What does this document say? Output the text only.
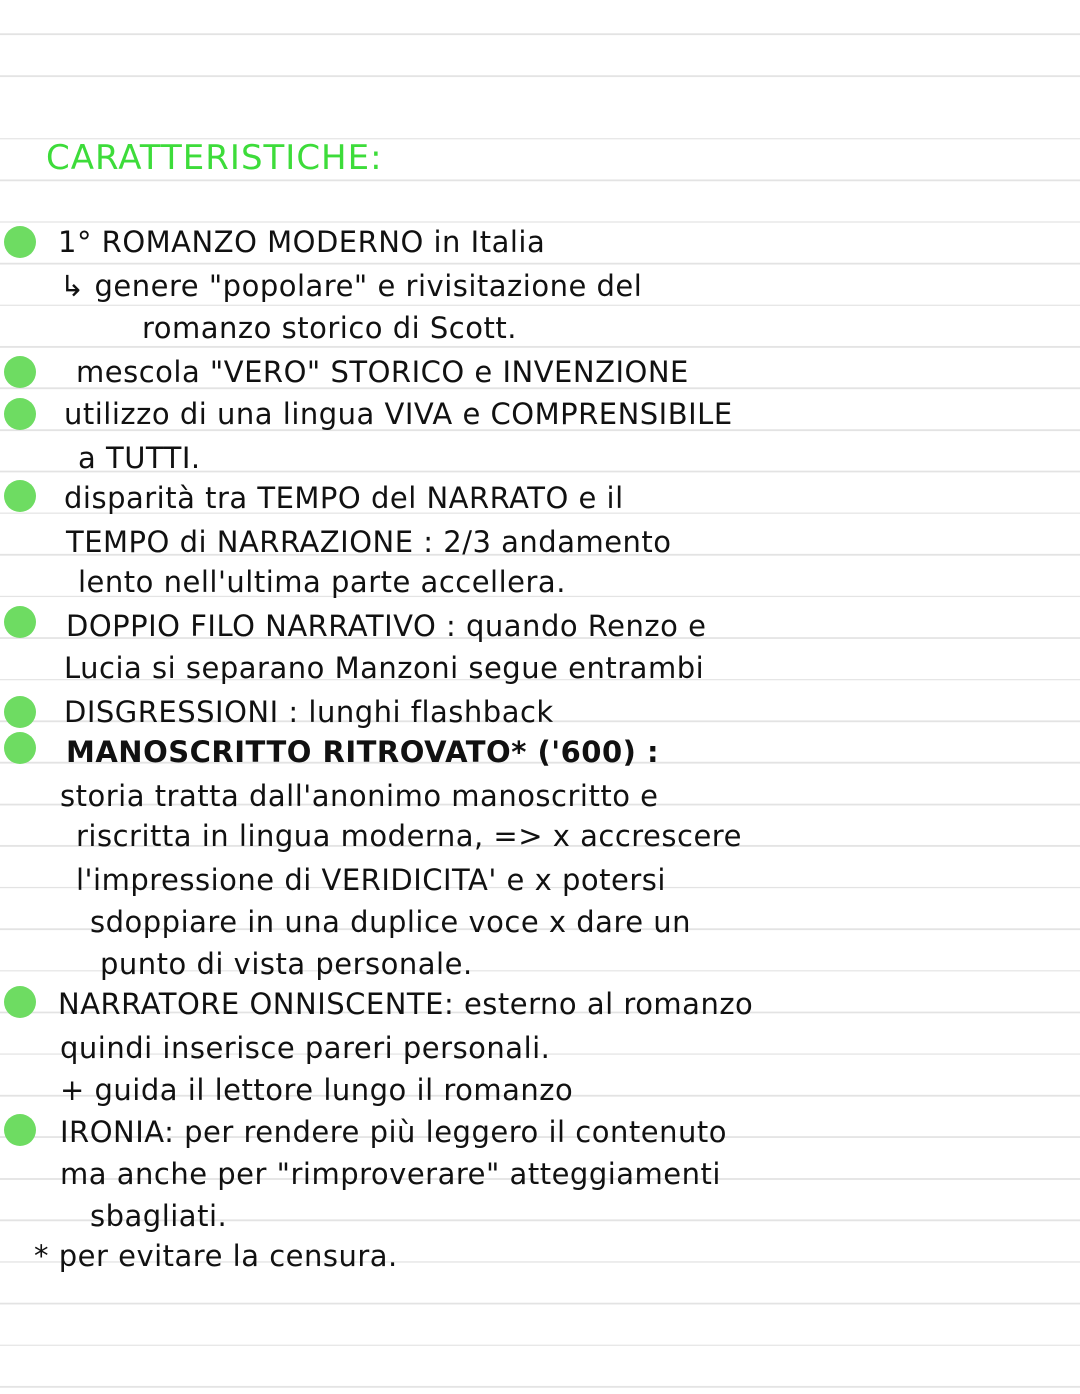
CARATTERISTICHE:
1° ROMANZO MODERNO in Italia
↳ genere "popolare" e rivisitazione del
romanzo storico di Scott.
mescola "VERO" STORICO e INVENZIONE
utilizzo di una lingua VIVA e COMPRENSIBILE
a TUTTI.
disparità tra TEMPO del NARRATO e il
TEMPO di NARRAZIONE : 2/3 andamento
lento nell'ultima parte accellera.
DOPPIO FILO NARRATIVO : quando Renzo e
Lucia si separano Manzoni segue entrambi
DISGRESSIONI : lunghi flashback
MANOSCRITTO RITROVATO* ('600) :
storia tratta dall'anonimo manoscritto e
riscritta in lingua moderna, => x accrescere
l'impressione di VERIDICITA' e x potersi
sdoppiare in una duplice voce x dare un
punto di vista personale.
NARRATORE ONNISCENTE: esterno al romanzo
quindi inserisce pareri personali.
+ guida il lettore lungo il romanzo
IRONIA: per rendere più leggero il contenuto
ma anche per "rimproverare" atteggiamenti
sbagliati.
* per evitare la censura.
